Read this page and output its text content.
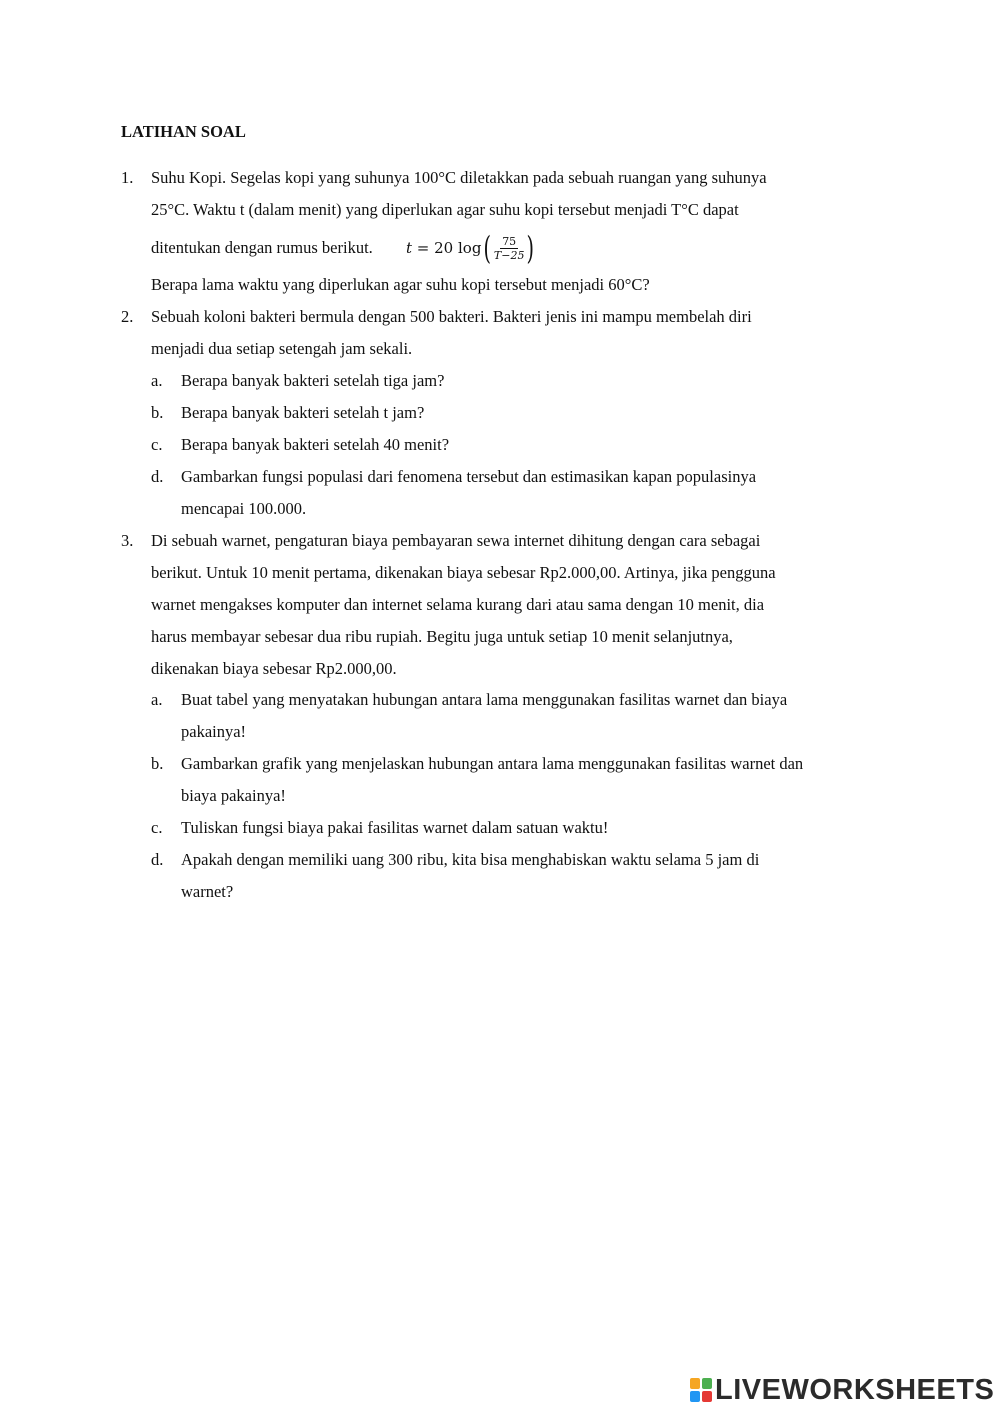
LATIHAN SOAL
1. Suhu Kopi. Segelas kopi yang suhunya 100°C diletakkan pada sebuah ruangan yang suhunya
25°C. Waktu t (dalam menit) yang diperlukan agar suhu kopi tersebut menjadi T°C dapat
ditentukan dengan rumus berikut. t = 20 log ( $\frac{75}{T-25}$ )
Berapa lama waktu yang diperlukan agar suhu kopi tersebut menjadi 60°C?
2. Sebuah koloni bakteri bermula dengan 500 bakteri. Bakteri jenis ini mampu membelah diri
menjadi dua setiap setengah jam sekali.
a. Berapa banyak bakteri setelah tiga jam?
b. Berapa banyak bakteri setelah t jam?
c. Berapa banyak bakteri setelah 40 menit?
d. Gambarkan fungsi populasi dari fenomena tersebut dan estimasikan kapan populasinya
mencapai 100.000.
3. Di sebuah warnet, pengaturan biaya pembayaran sewa internet dihitung dengan cara sebagai
berikut. Untuk 10 menit pertama, dikenakan biaya sebesar Rp2.000,00. Artinya, jika pengguna
warnet mengakses komputer dan internet selama kurang dari atau sama dengan 10 menit, dia
harus membayar sebesar dua ribu rupiah. Begitu juga untuk setiap 10 menit selanjutnya,
dikenakan biaya sebesar Rp2.000,00.
a. Buat tabel yang menyatakan hubungan antara lama menggunakan fasilitas warnet dan biaya
pakainya!
b. Gambarkan grafik yang menjelaskan hubungan antara lama menggunakan fasilitas warnet dan
biaya pakainya!
c. Tuliskan fungsi biaya pakai fasilitas warnet dalam satuan waktu!
d. Apakah dengan memiliki uang 300 ribu, kita bisa menghabiskan waktu selama 5 jam di
warnet?
LIVEWORKSHEETS
